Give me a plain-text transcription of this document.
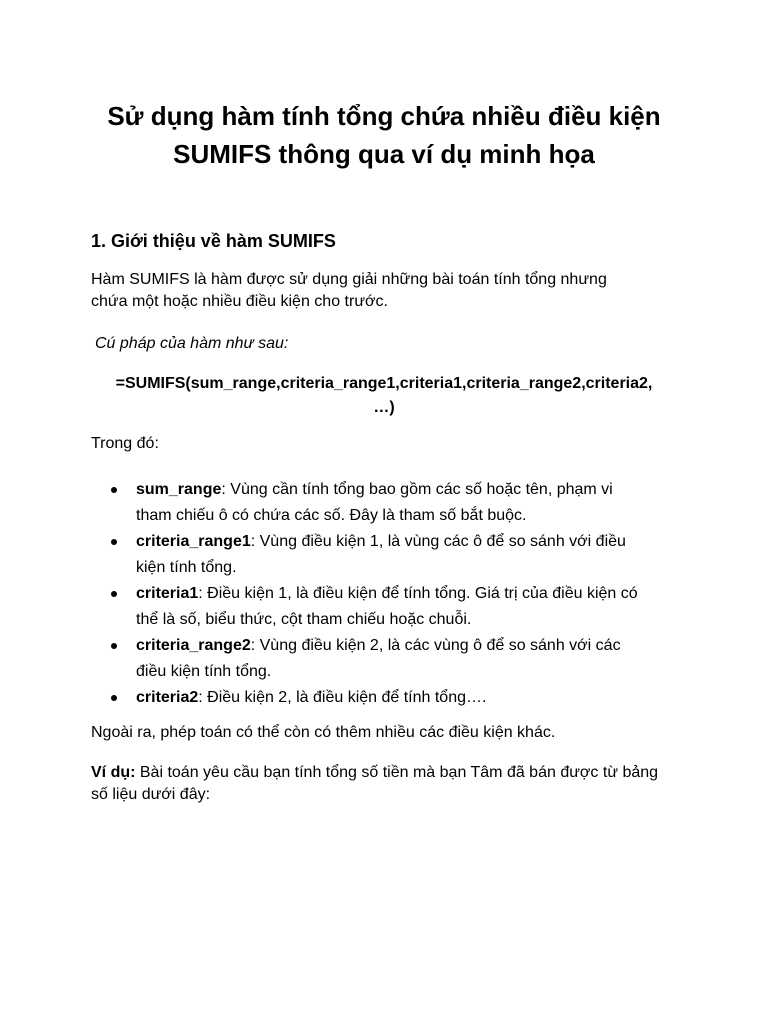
Sử dụng hàm tính tổng chứa nhiều điều kiện
SUMIFS thông qua ví dụ minh họa
1. Giới thiệu về hàm SUMIFS
Hàm SUMIFS là hàm được sử dụng giải những bài toán tính tổng nhưng
chứa một hoặc nhiều điều kiện cho trước.
Cú pháp của hàm như sau:
=SUMIFS(sum_range,criteria_range1,criteria1,criteria_range2,criteria2,
…)
Trong đó:
sum_range: Vùng cần tính tổng bao gồm các số hoặc tên, phạm vi
tham chiếu ô có chứa các số. Đây là tham số bắt buộc.
criteria_range1: Vùng điều kiện 1, là vùng các ô để so sánh với điều
kiện tính tổng.
criteria1: Điều kiện 1, là điều kiện để tính tổng. Giá trị của điều kiện có
thể là số, biểu thức, cột tham chiếu hoặc chuỗi.
criteria_range2: Vùng điều kiện 2, là các vùng ô để so sánh với các
điều kiện tính tổng.
criteria2: Điều kiện 2, là điều kiện để tính tổng….
Ngoài ra, phép toán có thể còn có thêm nhiều các điều kiện khác.
Ví dụ: Bài toán yêu cầu bạn tính tổng số tiền mà bạn Tâm đã bán được từ bảng
số liệu dưới đây:
